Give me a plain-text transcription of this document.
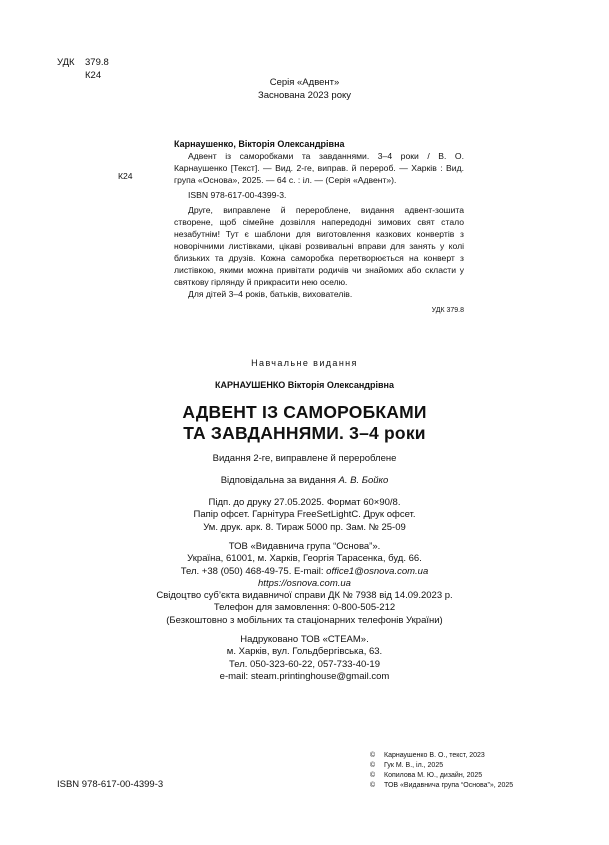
УДК 379.8
К24
Серія «Адвент»
Заснована 2023 року
К24
Карнаушенко, Вікторія Олександрівна
Адвент із саморобками та завданнями. 3–4 роки / В. О. Карнаушенко [Текст]. — Вид. 2-ге, виправ. й перероб. — Харків : Вид. група «Основа», 2025. — 64 с. : іл. — (Серія «Адвент»).
ISBN 978-617-00-4399-3.
Друге, виправлене й перероблене, видання адвент-зошита створене, щоб сімейне дозвілля напередодні зимових свят стало незабутнім! Тут є шаблони для виготовлення казкових конвертів з новорічними листівками, цікаві розвивальні вправи для занять у колі близьких та друзів. Кожна саморобка перетворюється на конверт з листівкою, якими можна привітати родичів чи знайомих або скласти у святкову гірлянду й прикрасити нею оселю.
Для дітей 3–4 років, батьків, вихователів.
УДК 379.8
Навчальне видання
КАРНАУШЕНКО Вікторія Олександрівна
АДВЕНТ ІЗ САМОРОБКАМИ
ТА ЗАВДАННЯМИ. 3–4 роки
Видання 2-ге, виправлене й перероблене
Відповідальна за видання А. В. Бойко
Підп. до друку 27.05.2025. Формат 60×90/8.
Папір офсет. Гарнітура FreeSetLightC. Друк офсет.
Ум. друк. арк. 8. Тираж 5000 пр. Зам. № 25-09
ТОВ «Видавнича група “Основа”».
Україна, 61001, м. Харків, Георгія Тарасенка, буд. 66.
Тел. +38 (050) 468-49-75. E-mail: office1@osnova.com.ua
https://osnova.com.ua
Свідоцтво суб’єкта видавничої справи ДК № 7938 від 14.09.2023 р.
Телефон для замовлення: 0-800-505-212
(Безкоштовно з мобільних та стаціонарних телефонів України)
Надруковано ТОВ «СТЕАМ».
м. Харків, вул. Гольдбергівська, 63.
Тел. 050-323-60-22, 057-733-40-19
e-mail: steam.printinghouse@gmail.com
© Карнаушенко В. О., текст, 2023
© Гук М. В., іл., 2025
© Копилова М. Ю., дизайн, 2025
© ТОВ «Видавнича група “Основа”», 2025
ISBN 978-617-00-4399-3
